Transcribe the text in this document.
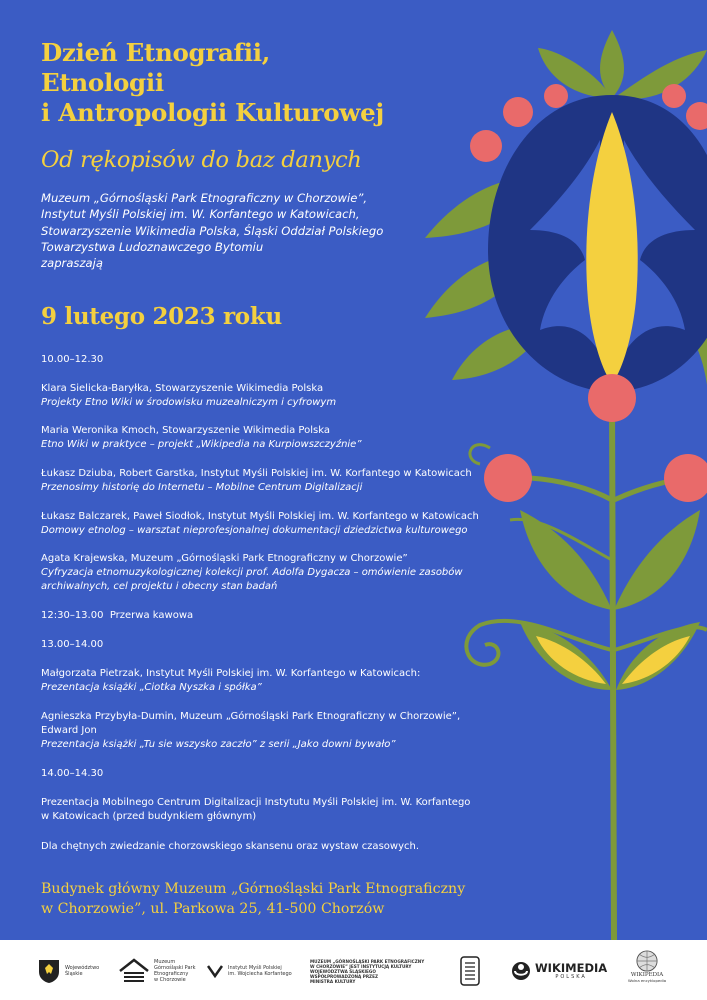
Dzień Etnografii,
Etnologii
i Antropologii Kulturowej
Od rękopisów do baz danych
Muzeum „Górnośląski Park Etnograficzny w Chorzowie”,
Instytut Myśli Polskiej im. W. Korfantego w Katowicach,
Stowarzyszenie Wikimedia Polska, Śląski Oddział Polskiego
Towarzystwa Ludoznawczego Bytomiu
zapraszają
9 lutego 2023 roku
10.00–12.30
Klara Sielicka-Baryłka, Stowarzyszenie Wikimedia Polska
Projekty Etno Wiki w środowisku muzealniczym i cyfrowym
Maria Weronika Kmoch, Stowarzyszenie Wikimedia Polska
Etno Wiki w praktyce – projekt „Wikipedia na Kurpiowszczyźnie”
Łukasz Dziuba, Robert Garstka, Instytut Myśli Polskiej im. W. Korfantego w Katowicach
Przenosimy historię do Internetu – Mobilne Centrum Digitalizacji
Łukasz Balczarek, Paweł Siodłok, Instytut Myśli Polskiej im. W. Korfantego w Katowicach
Domowy etnolog – warsztat nieprofesjonalnej dokumentacji dziedzictwa kulturowego
Agata Krajewska, Muzeum „Górnośląski Park Etnograficzny w Chorzowie”
Cyfryzacja etnomuzykologicznej kolekcji prof. Adolfa Dygacza – omówienie zasobów
archiwalnych, cel projektu i obecny stan badań
12:30–13.00 Przerwa kawowa
13.00–14.00
Małgorzata Pietrzak, Instytut Myśli Polskiej im. W. Korfantego w Katowicach:
Prezentacja książki „Ciotka Nyszka i spółka”
Agnieszka Przybyła-Dumin, Muzeum „Górnośląski Park Etnograficzny w Chorzowie”,
Edward Jon
Prezentacja książki „Tu sie wszysko zaczło” z serii „Jako downi bywało”
14.00–14.30
Prezentacja Mobilnego Centrum Digitalizacji Instytutu Myśli Polskiej im. W. Korfantego
w Katowicach (przed budynkiem głównym)
Dla chętnych zwiedzanie chorzowskiego skansenu oraz wystaw czasowych.
Budynek główny Muzeum „Górnośląski Park Etnograficzny
w Chorzowie”, ul. Parkowa 25, 41-500 Chorzów
Województwo
Śląskie
Muzeum
Górnośląski Park
Etnograficzny
w Chorzowie
Instytut Myśli Polskiej
im. Wojciecha Korfantego
MUZEUM „GÓRNOŚLĄSKI PARK ETNOGRAFICZNY
W CHORZOWIE” JEST INSTYTUCJĄ KULTURY
WOJEWÓDZTWA ŚLĄSKIEGO
WSPÓŁPROWADZONĄ PRZEZ
MINISTRA KULTURY
WIKIMEDIA
POLSKA	WIKIPEDIA
Wolna encyklopedia
